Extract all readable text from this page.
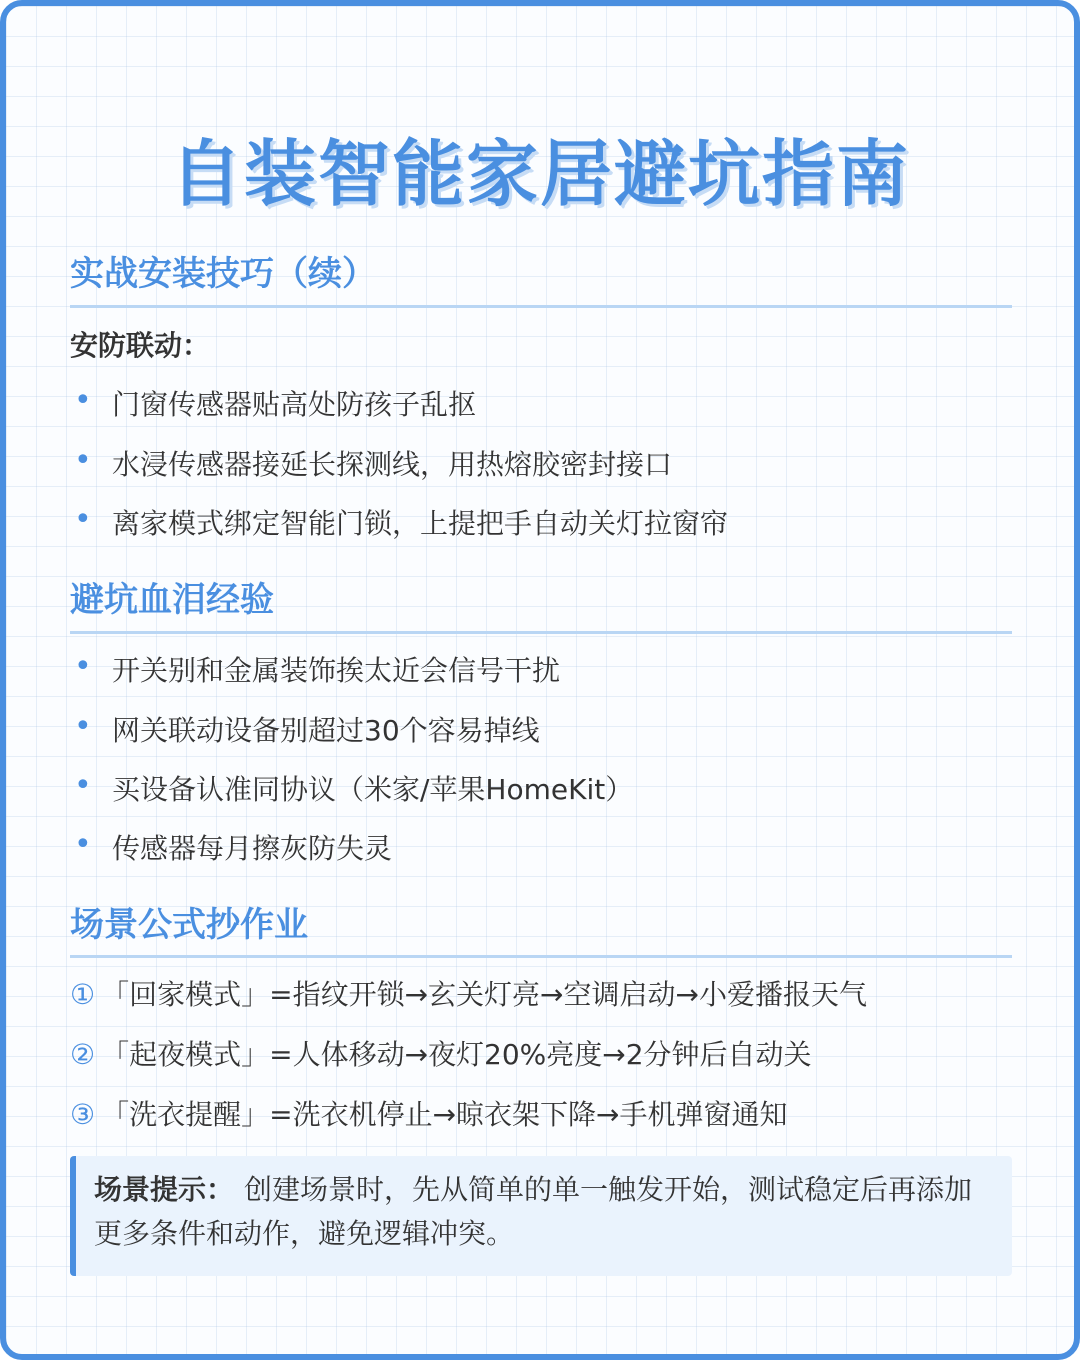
自装智能家居避坑指南
实战安装技巧（续）
安防联动：
• 门窗传感器贴高处防孩子乱抠
• 水浸传感器接延长探测线，用热熔胶密封接口
• 离家模式绑定智能门锁，上提把手自动关灯拉窗帘
避坑血泪经验
• 开关别和金属装饰挨太近会信号干扰
• 网关联动设备别超过30个容易掉线
• 买设备认准同协议（米家/苹果HomeKit）
• 传感器每月擦灰防失灵
场景公式抄作业
① 「回家模式」=指纹开锁→玄关灯亮→空调启动→小爱播报天气
② 「起夜模式」=人体移动→夜灯20%亮度→2分钟后自动关
③ 「洗衣提醒」=洗衣机停止→晾衣架下降→手机弹窗通知
场景提示： 创建场景时，先从简单的单一触发开始，测试稳定后再添加更多条件和动作，避免逻辑冲突。
